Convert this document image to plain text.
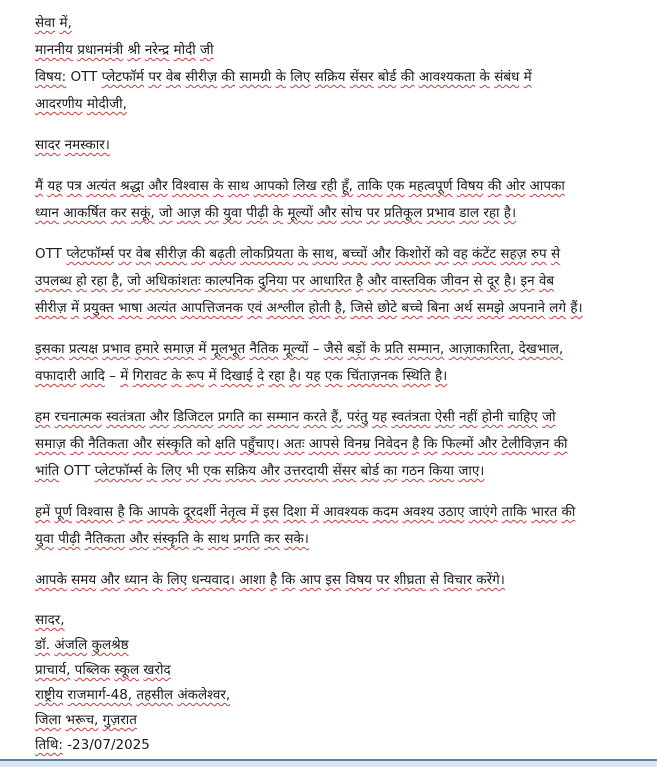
सेवा में,
माननीय प्रधानमंत्री श्री नरेन्द्र मोदी जी
विषय: OTT प्लेटफॉर्म पर वेब सीरीज़ की सामग्री के लिए सक्रिय सेंसर बोर्ड की आवश्यकता के संबंध में
आदरणीय मोदीजी,

सादर नमस्कार।

मैं यह पत्र अत्यंत श्रद्धा और विश्वास के साथ आपको लिख रही हूँ, ताकि एक महत्वपूर्ण विषय की ओर आपका
ध्यान आकर्षित कर सकूं, जो आज़ की युवा पीढ़ी के मूल्यों और सोच पर प्रतिकूल प्रभाव डाल रहा है।

OTT प्लेटफॉर्म्स पर वेब सीरीज़ की बढ़ती लोकप्रियता के साथ, बच्चों और किशोरों को वह कंटेंट सहज़ रुप से
उपलब्ध हो रहा है, जो अधिकांशतः काल्पनिक दुनिया पर आधारित है और वास्तविक जीवन से दूर है। इन वेब
सीरीज़ में प्रयुक्त भाषा अत्यंत आपत्तिजनक एवं अश्लील होती है, जिसे छोटे बच्चे बिना अर्थ समझे अपनाने लगे हैं।

इसका प्रत्यक्ष प्रभाव हमारे समाज़ में मूलभूत नैतिक मूल्यों – जैसे बड़ों के प्रति सम्मान, आज़ाकारिता, देखभाल,
वफादारी आदि – में गिरावट के रूप में दिखाई दे रहा है। यह एक चिंताज़नक स्थिति है।

हम रचनात्मक स्वतंत्रता और डिजिटल प्रगति का सम्मान करते हैं, परंतु यह स्वतंत्रता ऐसी नहीं होनी चाहिए जो
समाज़ की नैतिकता और संस्कृति को क्षति पहुँचाए। अतः आपसे विनम्र निवेदन है कि फिल्मों और टेलीविज़न की
भांति OTT प्लेटफॉर्म्स के लिए भी एक सक्रिय और उत्तरदायी सेंसर बोर्ड का गठन किया जाए।

हमें पूर्ण विश्वास है कि आपके दूरदर्शी नेतृत्व में इस दिशा में आवश्यक कदम अवश्य उठाए जाएंगे ताकि भारत की
युवा पीढ़ी नैतिकता और संस्कृति के साथ प्रगति कर सके।

आपके समय और ध्यान के लिए धन्यवाद। आशा है कि आप इस विषय पर शीघ्रता से विचार करेंगे।

सादर,
डॉ. अंजलि कुलश्रेष्ठ
प्राचार्य, पब्लिक स्कूल खरोद
राष्ट्रीय राजमार्ग-48, तहसील अंकलेश्वर,
जिला भरूच, गुज़रात
तिथि: -23/07/2025
